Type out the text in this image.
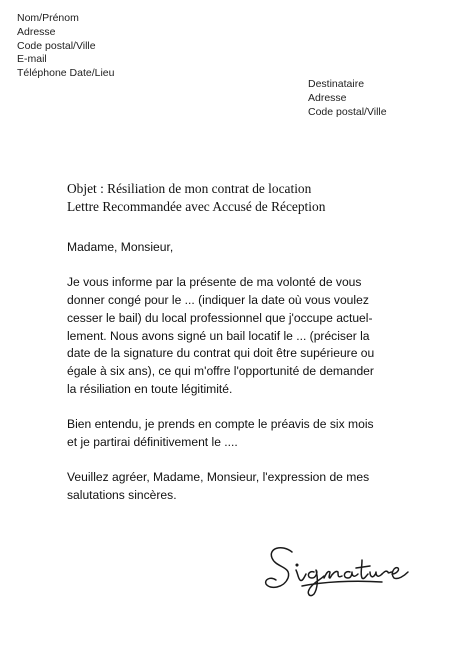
Nom/Prénom
Adresse
Code postal/Ville
E-mail
Téléphone Date/Lieu
Destinataire
Adresse
Code postal/Ville
Objet : Résiliation de mon contrat de location
Lettre Recommandée avec Accusé de Réception

Madame, Monsieur,

Je vous informe par la présente de ma volonté de vous
donner congé pour le ... (indiquer la date où vous voulez
cesser le bail) du local professionnel que j'occupe actuel-
lement. Nous avons signé un bail locatif le ... (préciser la
date de la signature du contrat qui doit être supérieure ou
égale à six ans), ce qui m'offre l'opportunité de demander
la résiliation en toute légitimité.

Bien entendu, je prends en compte le préavis de six mois
et je partirai définitivement le ....

Veuillez agréer, Madame, Monsieur, l'expression de mes
salutations sincères.
